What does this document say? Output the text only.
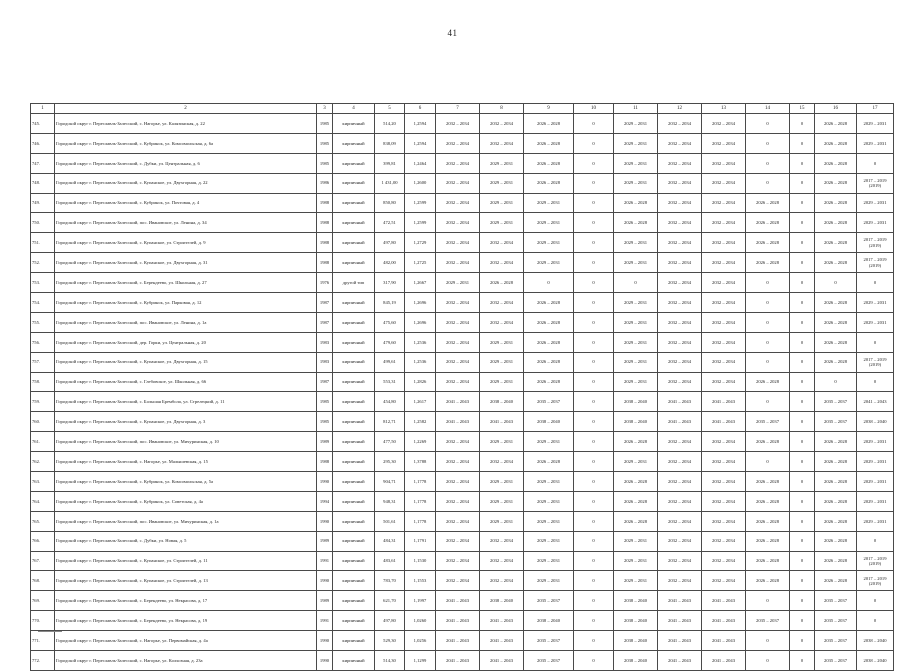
41
1	2	3	4	5	6	7	8	9	10	11	12	13	14	15	16	17
745.	Городской округ г. Переславль-Залесский, с. Нагорье, ул. Калязинская, д. 22	1985	кирпичный	514,20	1,2594	2032 – 2034	2032 – 2034	2026 – 2028	0	2029 – 2031	2032 – 2034	2032 – 2034	0	0	2026 – 2028	2029 – 2031
746.	Городской округ г. Переславль-Залесский, с. Кубринск, ул. Комсомольская, д. 6а	1985	кирпичный	838,09	1,2594	2032 – 2034	2032 – 2034	2026 – 2028	0	2029 – 2031	2032 – 2034	2032 – 2034	0	0	2026 – 2028	2029 – 2031
747.	Городской округ г. Переславль-Залесский, с. Дубки, ул. Центральная, д. 6	1985	кирпичный	399,81	1,2464	2032 – 2034	2029 – 2031	2026 – 2028	0	2029 – 2031	2032 – 2034	2032 – 2034	0	0	2026 – 2028	0
748.	Городской округ г. Переславль-Залесский, с. Купанское, ул. Двухгорная, д. 22	1986	кирпичный	1 431,00	1,2600	2032 – 2034	2029 – 2031	2026 – 2028	0	2029 – 2031	2032 – 2034	2032 – 2034	0	0	2026 – 2028	2017 – 2019 (2019)
749.	Городской округ г. Переславль-Залесский, с. Кубринск, ул. Почтовая, д. 4	1988	кирпичный	850,80	1,2599	2032 – 2034	2029 – 2031	2029 – 2031	0	2026 – 2028	2032 – 2034	2032 – 2034	2026 – 2028	0	2026 – 2028	2029 – 2031
750.	Городской округ г. Переславль-Залесский, пос. Ивановское, ул. Ленина, д. 34	1988	кирпичный	472,51	1,2599	2032 – 2034	2029 – 2031	2029 – 2031	0	2026 – 2028	2032 – 2034	2032 – 2034	2026 – 2028	0	2026 – 2028	2029 – 2031
751.	Городской округ г. Переславль-Залесский, с. Купанское, ул. Строителей, д. 9	1988	кирпичный	497,80	1,2729	2032 – 2034	2032 – 2034	2029 – 2031	0	2029 – 2031	2032 – 2034	2032 – 2034	2026 – 2028	0	2026 – 2028	2017 – 2019 (2019)
752.	Городской округ г. Переславль-Залесский, с. Купанское, ул. Двухгорная, д. 31	1988	кирпичный	482,00	1,2725	2032 – 2034	2032 – 2034	2029 – 2031	0	2029 – 2031	2032 – 2034	2032 – 2034	2026 – 2028	0	2026 – 2028	2017 – 2019 (2019)
753.	Городской округ г. Переславль-Залесский, с. Берендеево, ул. Школьная, д. 27	1976	другой тип	317,90	1,2667	2029 – 2031	2026 – 2028	0	0	0	2032 – 2034	2032 – 2034	0	0	0	0
754.	Городской округ г. Переславль-Залесский, с. Кубринск, ул. Парковая, д. 12	1987	кирпичный	845,19	1,2696	2032 – 2034	2032 – 2034	2026 – 2028	0	2029 – 2031	2032 – 2034	2032 – 2034	0	0	2026 – 2028	2029 – 2031
755.	Городской округ г. Переславль-Залесский, пос. Ивановское, ул. Ленина, д. 1а	1987	кирпичный	475,60	1,2696	2032 – 2034	2032 – 2034	2026 – 2028	0	2029 – 2031	2032 – 2034	2032 – 2034	0	0	2026 – 2028	2029 – 2031
756.	Городской округ г. Переславль-Залесский, дер. Горки, ул. Центральная, д. 20	1983	кирпичный	479,60	1,2536	2032 – 2034	2029 – 2031	2026 – 2028	0	2029 – 2031	2032 – 2034	2032 – 2034	0	0	2026 – 2028	0
757.	Городской округ г. Переславль-Залесский, с. Купанское, ул. Двухгорная, д. 15	1983	кирпичный	499,61	1,2536	2032 – 2034	2029 – 2031	2026 – 2028	0	2029 – 2031	2032 – 2034	2032 – 2034	0	0	2026 – 2028	2017 – 2019 (2019)
758.	Городской округ г. Переславль-Залесский, с. Глебовское, ул. Школьная, д. 66	1987	кирпичный	553,31	1,2826	2032 – 2034	2029 – 2031	2026 – 2028	0	2029 – 2031	2032 – 2034	2032 – 2034	2026 – 2028	0	0	0
759.	Городской округ г. Переславль-Залесский, с. Большая Брембола, ул. Стрелецкий, д. 11	1985	кирпичный	454,80	1,2617	2041 – 2043	2038 – 2040	2035 – 2037	0	2038 – 2040	2041 – 2043	2041 – 2043	0	0	2035 – 2037	2041 – 2043
760.	Городской округ г. Переславль-Залесский, с. Купанское, ул. Двухгорная, д. 3	1985	кирпичный	812,71	1,2582	2041 – 2043	2041 – 2043	2038 – 2040	0	2038 – 2040	2041 – 2043	2041 – 2043	2035 – 2037	0	2035 – 2037	2038 – 2040
761.	Городской округ г. Переславль-Залесский, пос. Ивановское, ул. Мичуринская, д. 10	1989	кирпичный	477,50	1,2269	2032 – 2034	2029 – 2031	2029 – 2031	0	2026 – 2028	2032 – 2034	2032 – 2034	2026 – 2028	0	2026 – 2028	2029 – 2031
762.	Городской округ г. Переславль-Залесский, с. Нагорье, ул. Малышевская, д. 15	1988	кирпичный	295,30	1,3788	2032 – 2034	2032 – 2034	2026 – 2028	0	2029 – 2031	2032 – 2034	2032 – 2034	0	0	2026 – 2028	2029 – 2031
763.	Городской округ г. Переславль-Залесский, с. Кубринск, ул. Комсомольская, д. 5а	1990	кирпичный	904,71	1,1778	2032 – 2034	2029 – 2031	2029 – 2031	0	2026 – 2028	2032 – 2034	2032 – 2034	2026 – 2028	0	2026 – 2028	2029 – 2031
764.	Городской округ г. Переславль-Залесский, с. Кубринск, ул. Советская, д. 4а	1994	кирпичный	948,31	1,1778	2032 – 2034	2029 – 2031	2029 – 2031	0	2026 – 2028	2032 – 2034	2032 – 2034	2026 – 2028	0	2026 – 2028	2029 – 2031
765.	Городской округ г. Переславль-Залесский, пос. Ивановское, ул. Мичуринская, д. 1а	1990	кирпичный	501,61	1,1778	2032 – 2034	2029 – 2031	2029 – 2031	0	2026 – 2028	2032 – 2034	2032 – 2034	2026 – 2028	0	2026 – 2028	2029 – 2031
766.	Городской округ г. Переславль-Залесский, с. Дубки, ул. Новая, д. 5	1989	кирпичный	484,31	1,1791	2032 – 2034	2032 – 2034	2029 – 2031	0	2029 – 2031	2032 – 2034	2032 – 2034	2026 – 2028	0	2026 – 2028	0
767.	Городской округ г. Переславль-Залесский, с. Купанское, ул. Строителей, д. 11	1991	кирпичный	483,61	1,1530	2032 – 2034	2032 – 2034	2029 – 2031	0	2029 – 2031	2032 – 2034	2032 – 2034	2026 – 2028	0	2026 – 2028	2017 – 2019 (2019)
768.	Городской округ г. Переславль-Залесский, с. Купанское, ул. Строителей, д. 13	1990	кирпичный	783,70	1,1553	2032 – 2034	2032 – 2034	2029 – 2031	0	2029 – 2031	2032 – 2034	2032 – 2034	2026 – 2028	0	2026 – 2028	2017 – 2019 (2019)
769.	Городской округ г. Переславль-Залесский, с. Берендеево, ул. Некрасова, д. 17	1989	кирпичный	621,70	1,1997	2041 – 2043	2038 – 2040	2035 – 2037	0	2038 – 2040	2041 – 2043	2041 – 2043	0	0	2035 – 2037	0
770.	Городской округ г. Переславль-Залесский, с. Берендеево, ул. Некрасова, д. 19	1991	кирпичный	497,80	1,0260	2041 – 2043	2041 – 2043	2038 – 2040	0	2038 – 2040	2041 – 2043	2041 – 2043	2035 – 2037	0	2035 – 2037	0
771.	Городской округ г. Переславль-Залесский, с. Нагорье, ул. Первомайская, д. 4а	1990	кирпичный	529,30	1,0256	2041 – 2043	2041 – 2043	2035 – 2037	0	2038 – 2040	2041 – 2043	2041 – 2043	0	0	2035 – 2037	2038 – 2040
772.	Городской округ г. Переславль-Залесский, с. Нагорье, ул. Колхозная, д. 23а	1990	кирпичный	514,30	1,1299	2041 – 2043	2041 – 2043	2035 – 2037	0	2038 – 2040	2041 – 2043	2041 – 2043	0	0	2035 – 2037	2038 – 2040
